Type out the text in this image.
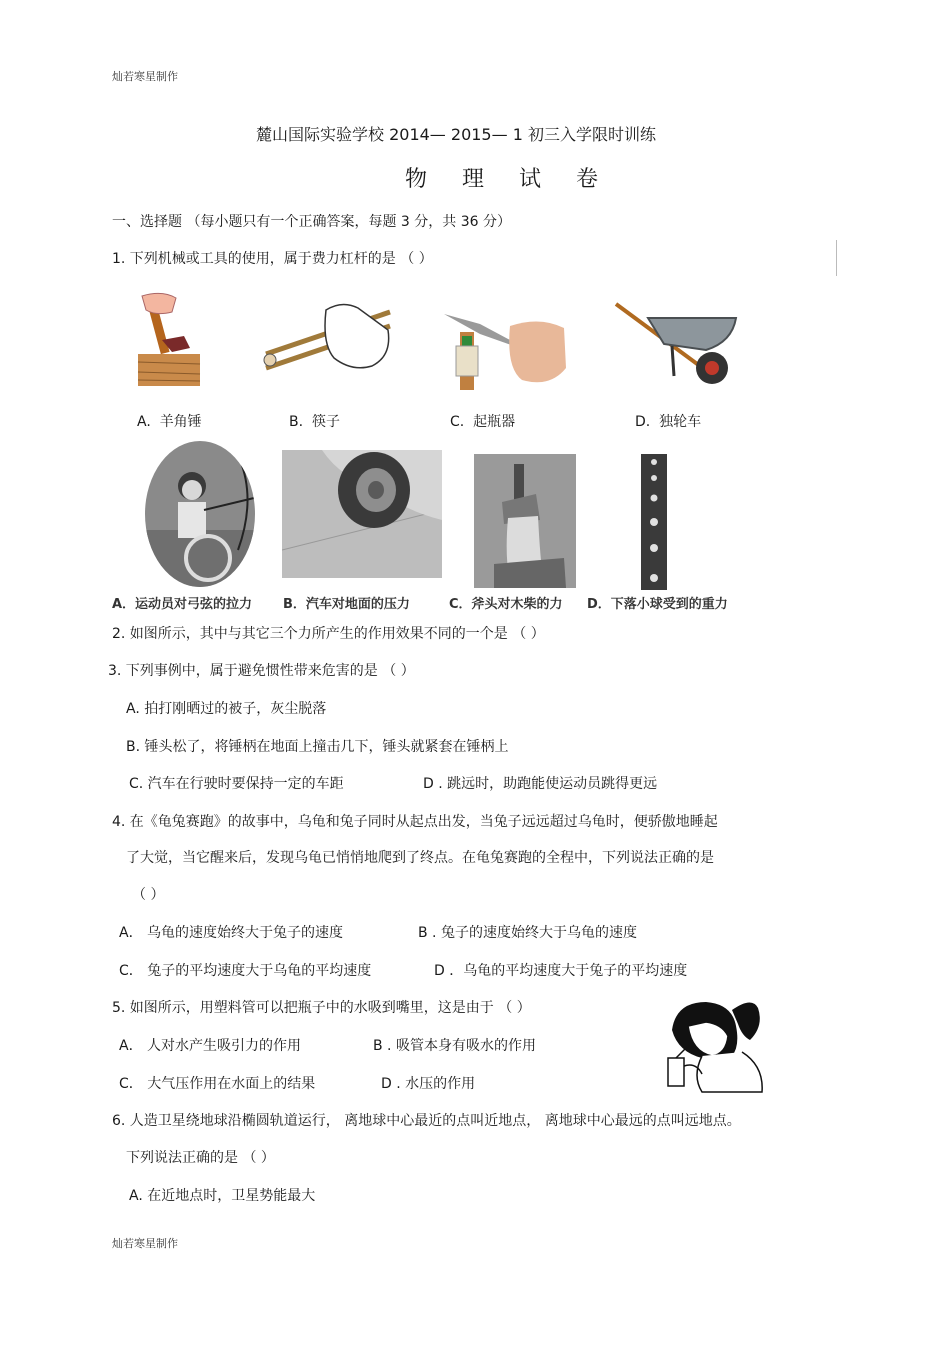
灿若寒星制作
灿若寒星制作
麓山国际实验学校 2014— 2015— 1 初三入学限时训练
物 理 试 卷
一、选择题 （每小题只有一个正确答案，每题 3 分，共 36 分）
1. 下列机械或工具的使用，属于费力杠杆的是 （ ）
A. 羊角锤	B. 筷子	C. 起瓶器	D. 独轮车
A．运动员对弓弦的拉力 B．汽车对地面的压力	C．斧头对木柴的力 D．下落小球受到的重力
2. 如图所示，其中与其它三个力所产生的作用效果不同的一个是 （ ）
3. 下列事例中，属于避免惯性带来危害的是 （ ）
A. 拍打刚晒过的被子，灰尘脱落
B. 锤头松了，将锤柄在地面上撞击几下，锤头就紧套在锤柄上
C. 汽车在行驶时要保持一定的车距	D . 跳远时，助跑能使运动员跳得更远
4. 在《龟兔赛跑》的故事中，乌龟和兔子同时从起点出发，当兔子远远超过乌龟时，便骄傲地睡起
了大觉，当它醒来后，发现乌龟已悄悄地爬到了终点。在龟兔赛跑的全程中，下列说法正确的是
（ ）
A． 乌龟的速度始终大于兔子的速度	B . 兔子的速度始终大于乌龟的速度
C． 兔子的平均速度大于乌龟的平均速度	D ．乌龟的平均速度大于兔子的平均速度
5. 如图所示，用塑料管可以把瓶子中的水吸到嘴里，这是由于 （ ）
A． 人对水产生吸引力的作用	B . 吸管本身有吸水的作用
C． 大气压作用在水面上的结果	D . 水压的作用
6. 人造卫星绕地球沿椭圆轨道运行， 离地球中心最近的点叫近地点， 离地球中心最远的点叫远地点。
下列说法正确的是 （ ）
A. 在近地点时，卫星势能最大
